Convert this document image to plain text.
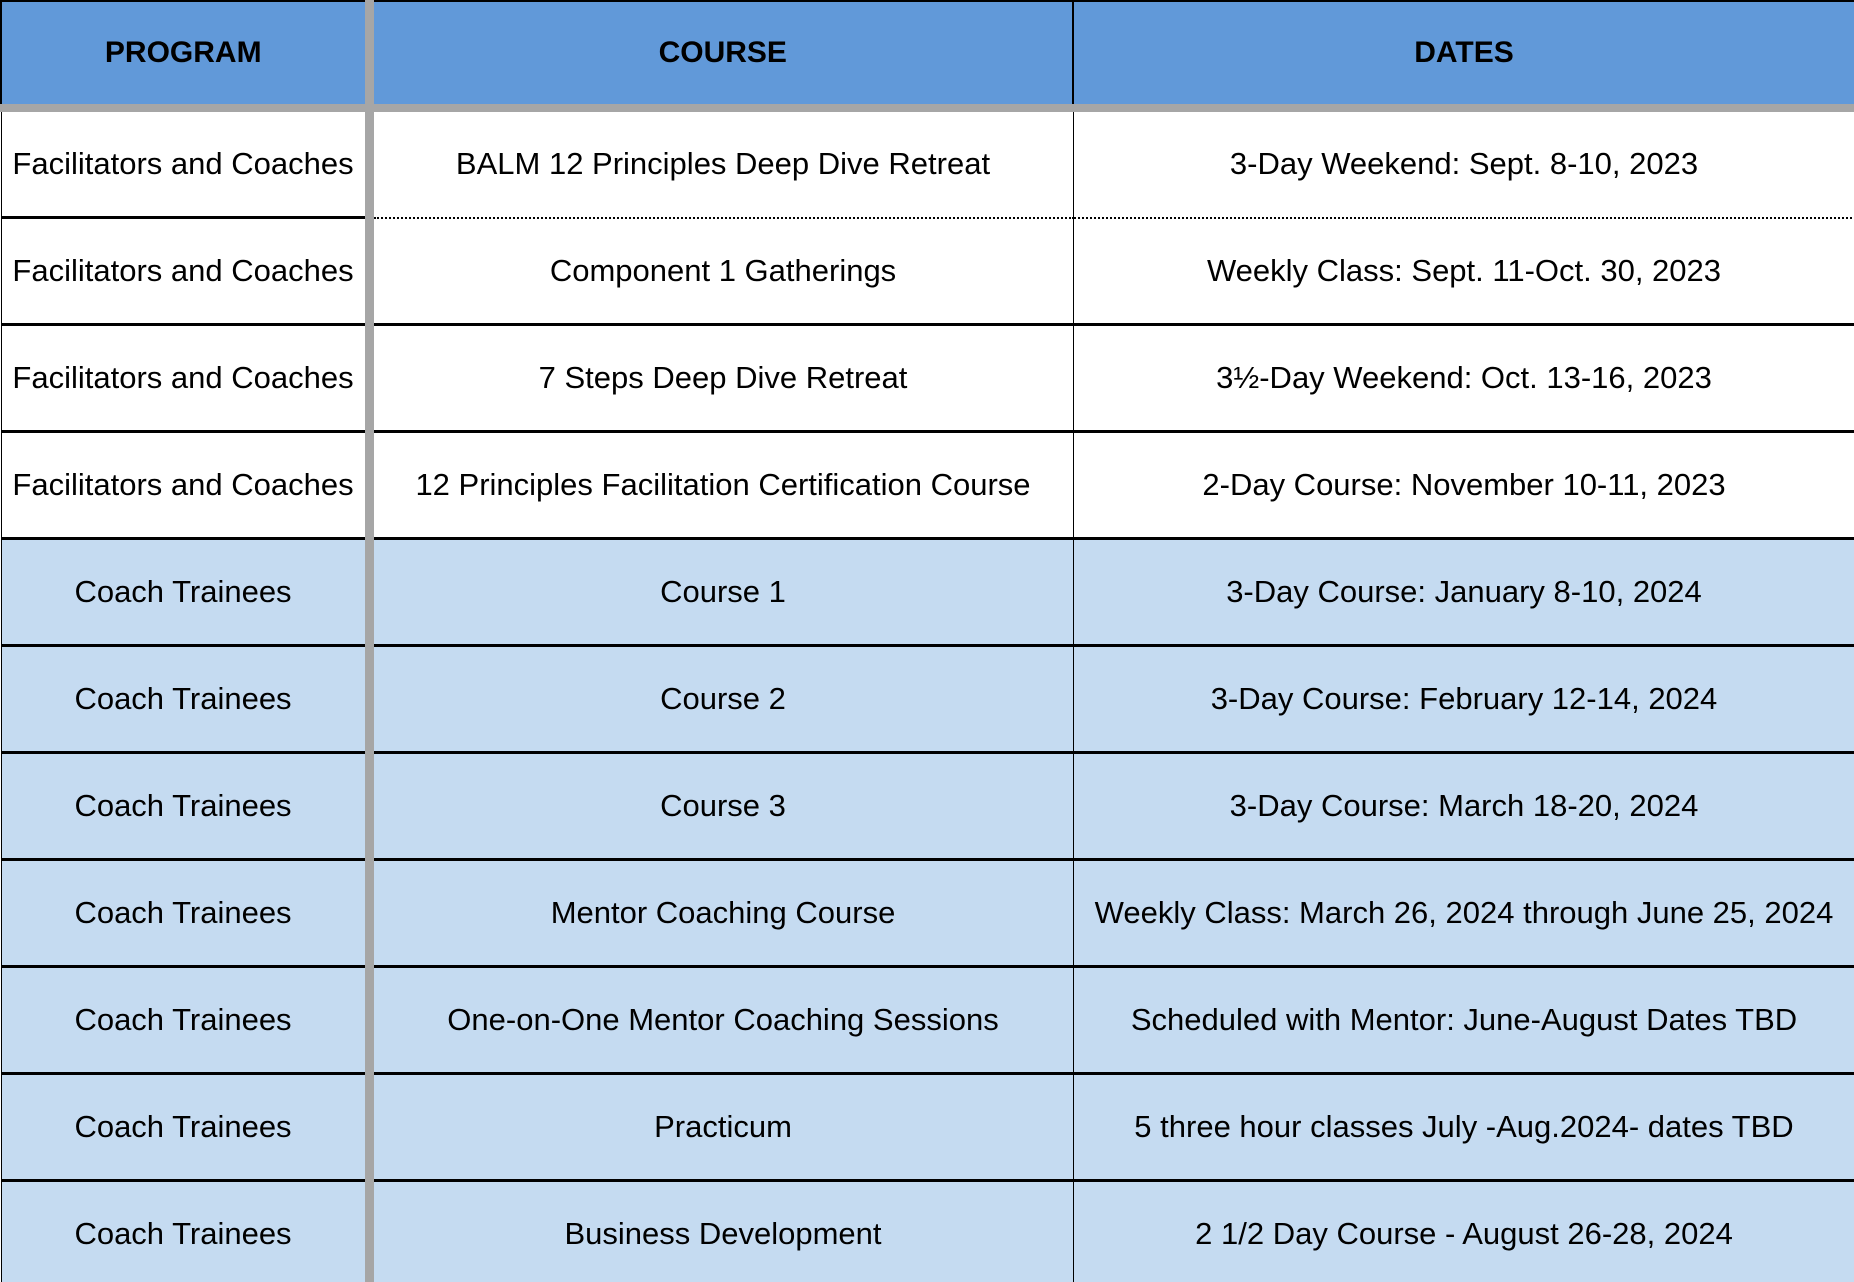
PROGRAM	COURSE	DATES
Facilitators and Coaches	BALM 12 Principles Deep Dive Retreat	3-Day Weekend: Sept. 8-10, 2023
Facilitators and Coaches	Component 1 Gatherings	Weekly Class: Sept. 11-Oct. 30, 2023
Facilitators and Coaches	7 Steps Deep Dive Retreat	3½-Day Weekend: Oct. 13-16, 2023
Facilitators and Coaches	12 Principles Facilitation Certification Course	2-Day Course: November 10-11, 2023
Coach Trainees	Course 1	3-Day Course: January 8-10, 2024
Coach Trainees	Course 2	3-Day Course: February 12-14, 2024
Coach Trainees	Course 3	3-Day Course: March 18-20, 2024
Coach Trainees	Mentor Coaching Course	Weekly Class: March 26, 2024 through June 25, 2024
Coach Trainees	One-on-One Mentor Coaching Sessions	Scheduled with Mentor: June-August Dates TBD
Coach Trainees	Practicum	5 three hour classes July -Aug.2024- dates TBD
Coach Trainees	Business Development	2 1/2 Day Course - August 26-28, 2024
